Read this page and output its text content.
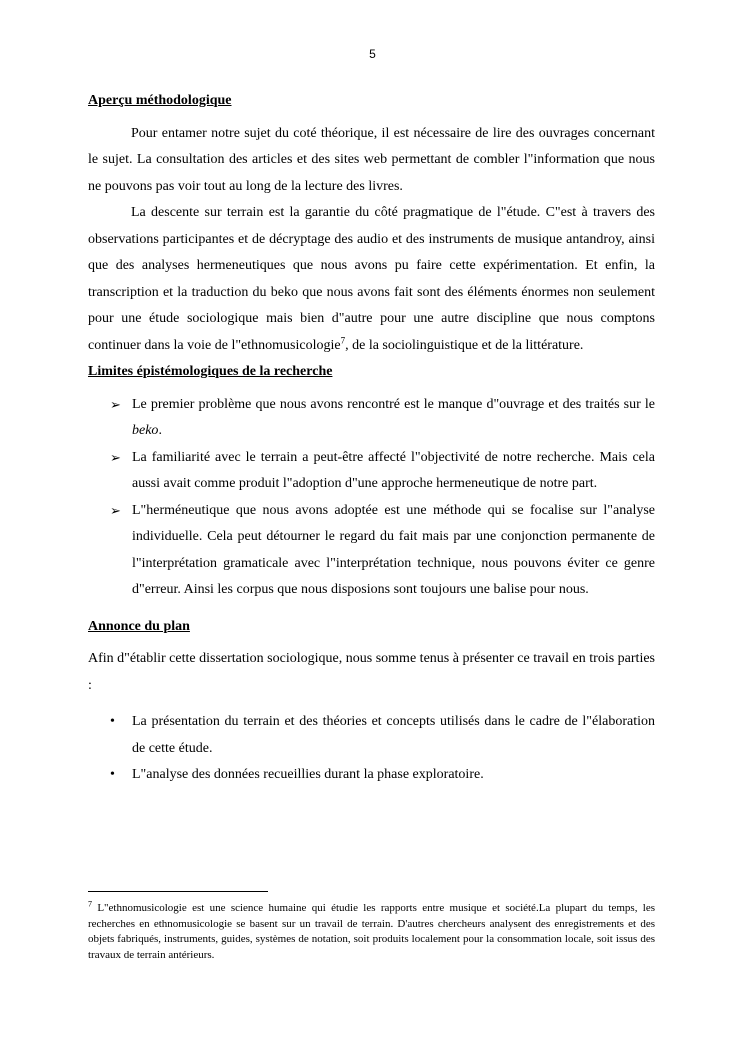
5

Aperçu méthodologique

Pour entamer notre sujet du coté théorique, il est nécessaire de lire des ouvrages concernant le sujet. La consultation des articles et des sites web permettant de combler l"information que nous ne pouvons pas voir tout au long de la lecture des livres.

La descente sur terrain est la garantie du côté pragmatique de l"étude. C"est à travers des observations participantes et de décryptage des audio et des instruments de musique antandroy, ainsi que des analyses hermeneutiques que nous avons pu faire cette expérimentation. Et enfin, la transcription et la traduction du beko que nous avons fait sont des éléments énormes non seulement pour une étude sociologique mais bien d"autre pour une autre discipline que nous comptons continuer dans la voie de l"ethnomusicologie$^7$, de la sociolinguistique et de la littérature.

Limites épistémologiques de la recherche

➢ Le premier problème que nous avons rencontré est le manque d"ouvrage et des traités sur le beko.
➢ La familiarité avec le terrain a peut-être affecté l"objectivité de notre recherche. Mais cela aussi avait comme produit l"adoption d"une approche hermeneutique de notre part.
➢ L"herméneutique que nous avons adoptée est une méthode qui se focalise sur l"analyse individuelle. Cela peut détourner le regard du fait mais par une conjonction permanente de l"interprétation gramaticale avec l"interprétation technique, nous pouvons éviter ce genre d"erreur. Ainsi les corpus que nous disposions sont toujours une balise pour nous.

Annonce du plan

Afin d"établir cette dissertation sociologique, nous somme tenus à présenter ce travail en trois parties :

• La présentation du terrain et des théories et concepts utilisés dans le cadre de l"élaboration de cette étude.
• L"analyse des données recueillies durant la phase exploratoire.
$^7$ L"ethnomusicologie est une science humaine qui étudie les rapports entre musique et société.La plupart du temps, les recherches en ethnomusicologie se basent sur un travail de terrain. D'autres chercheurs analysent des enregistrements et des objets fabriqués, instruments, guides, systèmes de notation, soit produits localement pour la consommation locale, soit issus des travaux de terrain antérieurs.
